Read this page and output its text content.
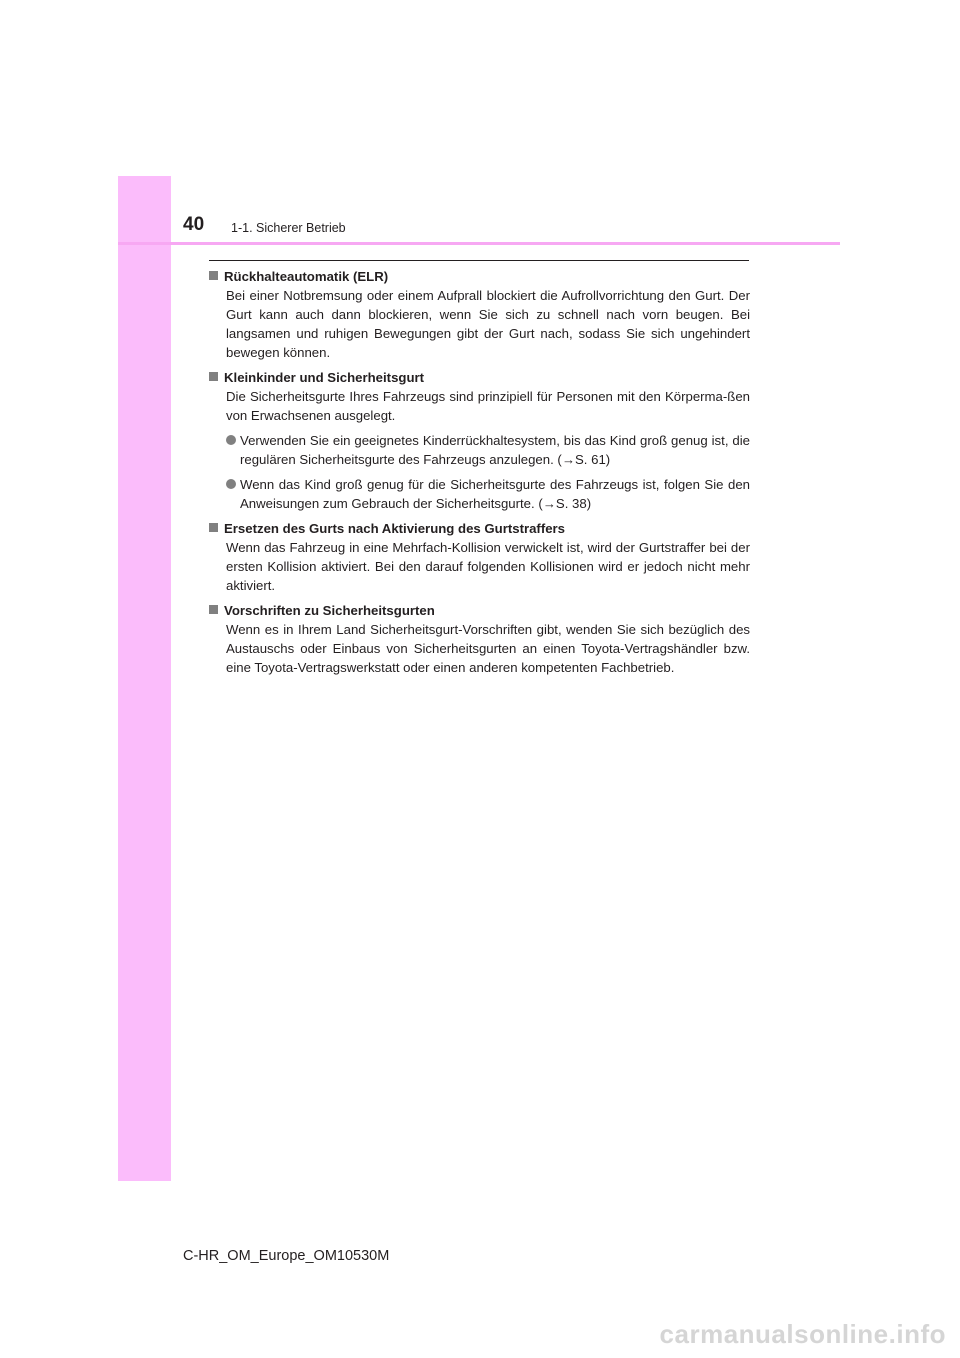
40 1-1. Sicherer Betrieb
Rückhalteautomatik (ELR)
Bei einer Notbremsung oder einem Aufprall blockiert die Aufrollvorrichtung den Gurt. Der Gurt kann auch dann blockieren, wenn Sie sich zu schnell nach vorn beugen. Bei langsamen und ruhigen Bewegungen gibt der Gurt nach, sodass Sie sich ungehindert bewegen können.
Kleinkinder und Sicherheitsgurt
Die Sicherheitsgurte Ihres Fahrzeugs sind prinzipiell für Personen mit den Körperma-ßen von Erwachsenen ausgelegt.
Verwenden Sie ein geeignetes Kinderrückhaltesystem, bis das Kind groß genug ist, die regulären Sicherheitsgurte des Fahrzeugs anzulegen. (→S. 61)
Wenn das Kind groß genug für die Sicherheitsgurte des Fahrzeugs ist, folgen Sie den Anweisungen zum Gebrauch der Sicherheitsgurte. (→S. 38)
Ersetzen des Gurts nach Aktivierung des Gurtstraffers
Wenn das Fahrzeug in eine Mehrfach-Kollision verwickelt ist, wird der Gurtstraffer bei der ersten Kollision aktiviert. Bei den darauf folgenden Kollisionen wird er jedoch nicht mehr aktiviert.
Vorschriften zu Sicherheitsgurten
Wenn es in Ihrem Land Sicherheitsgurt-Vorschriften gibt, wenden Sie sich bezüglich des Austauschs oder Einbaus von Sicherheitsgurten an einen Toyota-Vertragshändler bzw. eine Toyota-Vertragswerkstatt oder einen anderen kompetenten Fachbetrieb.
C-HR_OM_Europe_OM10530M
carmanualsonline.info
